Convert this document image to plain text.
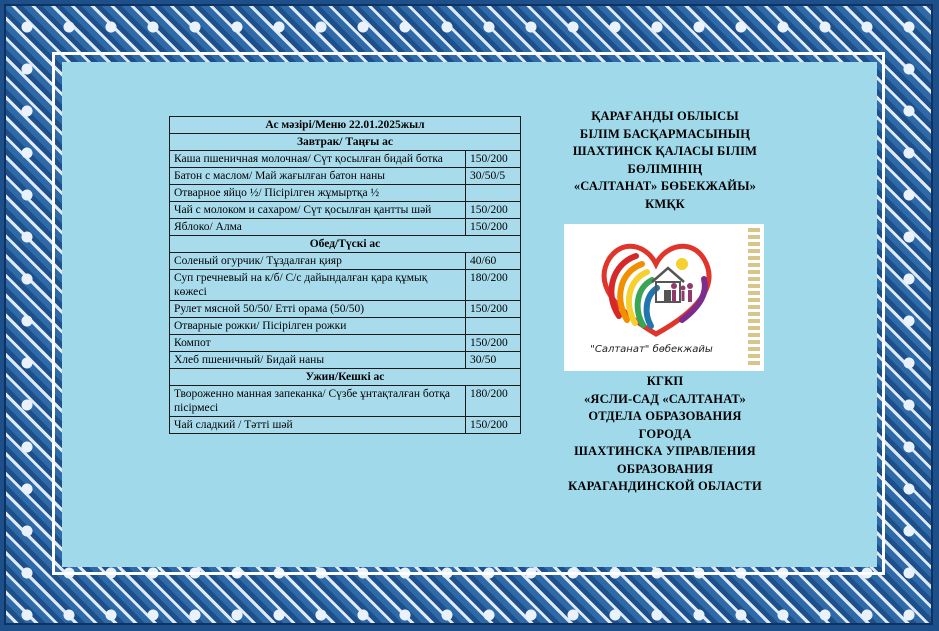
Ас мәзірі/Меню 22.01.2025жыл	
Завтрак/ Таңғы ас	
Каша пшеничная молочная/ Сүт қосылған бидай ботка	150/200
Батон с маслом/ Май жағылған батон наны	30/50/5
Отварное яйцо ½/ Пісірілген жұмыртқа ½	
Чай с молоком и сахаром/ Сүт қосылған қантты шәй	150/200
Яблоко/ Алма	150/200
Обед/Түскі ас	
Соленый огурчик/ Тұздалған қияр	40/60
Суп гречневый на к/б/ С/с дайындалған қара құмық көжесі	180/200
Рулет мясной 50/50/ Етті орама (50/50)	150/200
Отварные рожки/ Пісірілген рожки	
Компот	150/200
Хлеб пшеничный/ Бидай наны	30/50
Ужин/Кешкі ас	
Твороженно манная запеканка/ Сүзбе ұнтақталған ботқа пісірмесі	180/200
Чай сладкий / Тәтті шәй	150/200
ҚАРАҒАНДЫ ОБЛЫСЫ
БІЛІМ БАСҚАРМАСЫНЫҢ
ШАХТИНСК ҚАЛАСЫ БІЛІМ
БӨЛІМІНІҢ
«САЛТАНАТ» БӨБЕКЖАЙЫ»
КМҚК
"Салтанат" бөбекжайы
КГКП
«ЯСЛИ-САД «САЛТАНАТ»
ОТДЕЛА ОБРАЗОВАНИЯ
ГОРОДА
ШАХТИНСКА УПРАВЛЕНИЯ
ОБРАЗОВАНИЯ
КАРАГАНДИНСКОЙ ОБЛАСТИ
